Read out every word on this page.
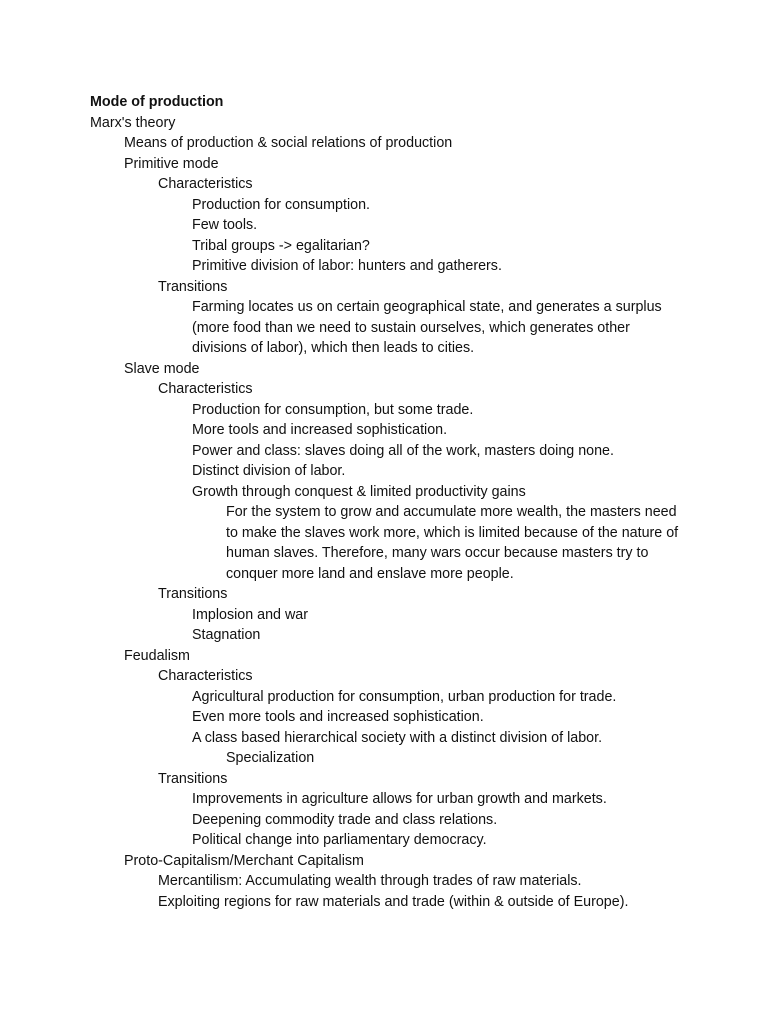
Mode of production
Marx's theory
Means of production & social relations of production
Primitive mode
Characteristics
Production for consumption.
Few tools.
Tribal groups -> egalitarian?
Primitive division of labor: hunters and gatherers.
Transitions
Farming locates us on certain geographical state, and generates a surplus (more food than we need to sustain ourselves, which generates other divisions of labor), which then leads to cities.
Slave mode
Characteristics
Production for consumption, but some trade.
More tools and increased sophistication.
Power and class: slaves doing all of the work, masters doing none.
Distinct division of labor.
Growth through conquest & limited productivity gains
For the system to grow and accumulate more wealth, the masters need to make the slaves work more, which is limited because of the nature of human slaves. Therefore, many wars occur because masters try to conquer more land and enslave more people.
Transitions
Implosion and war
Stagnation
Feudalism
Characteristics
Agricultural production for consumption, urban production for trade.
Even more tools and increased sophistication.
A class based hierarchical society with a distinct division of labor.
Specialization
Transitions
Improvements in agriculture allows for urban growth and markets.
Deepening commodity trade and class relations.
Political change into parliamentary democracy.
Proto-Capitalism/Merchant Capitalism
Mercantilism: Accumulating wealth through trades of raw materials.
Exploiting regions for raw materials and trade (within & outside of Europe).
